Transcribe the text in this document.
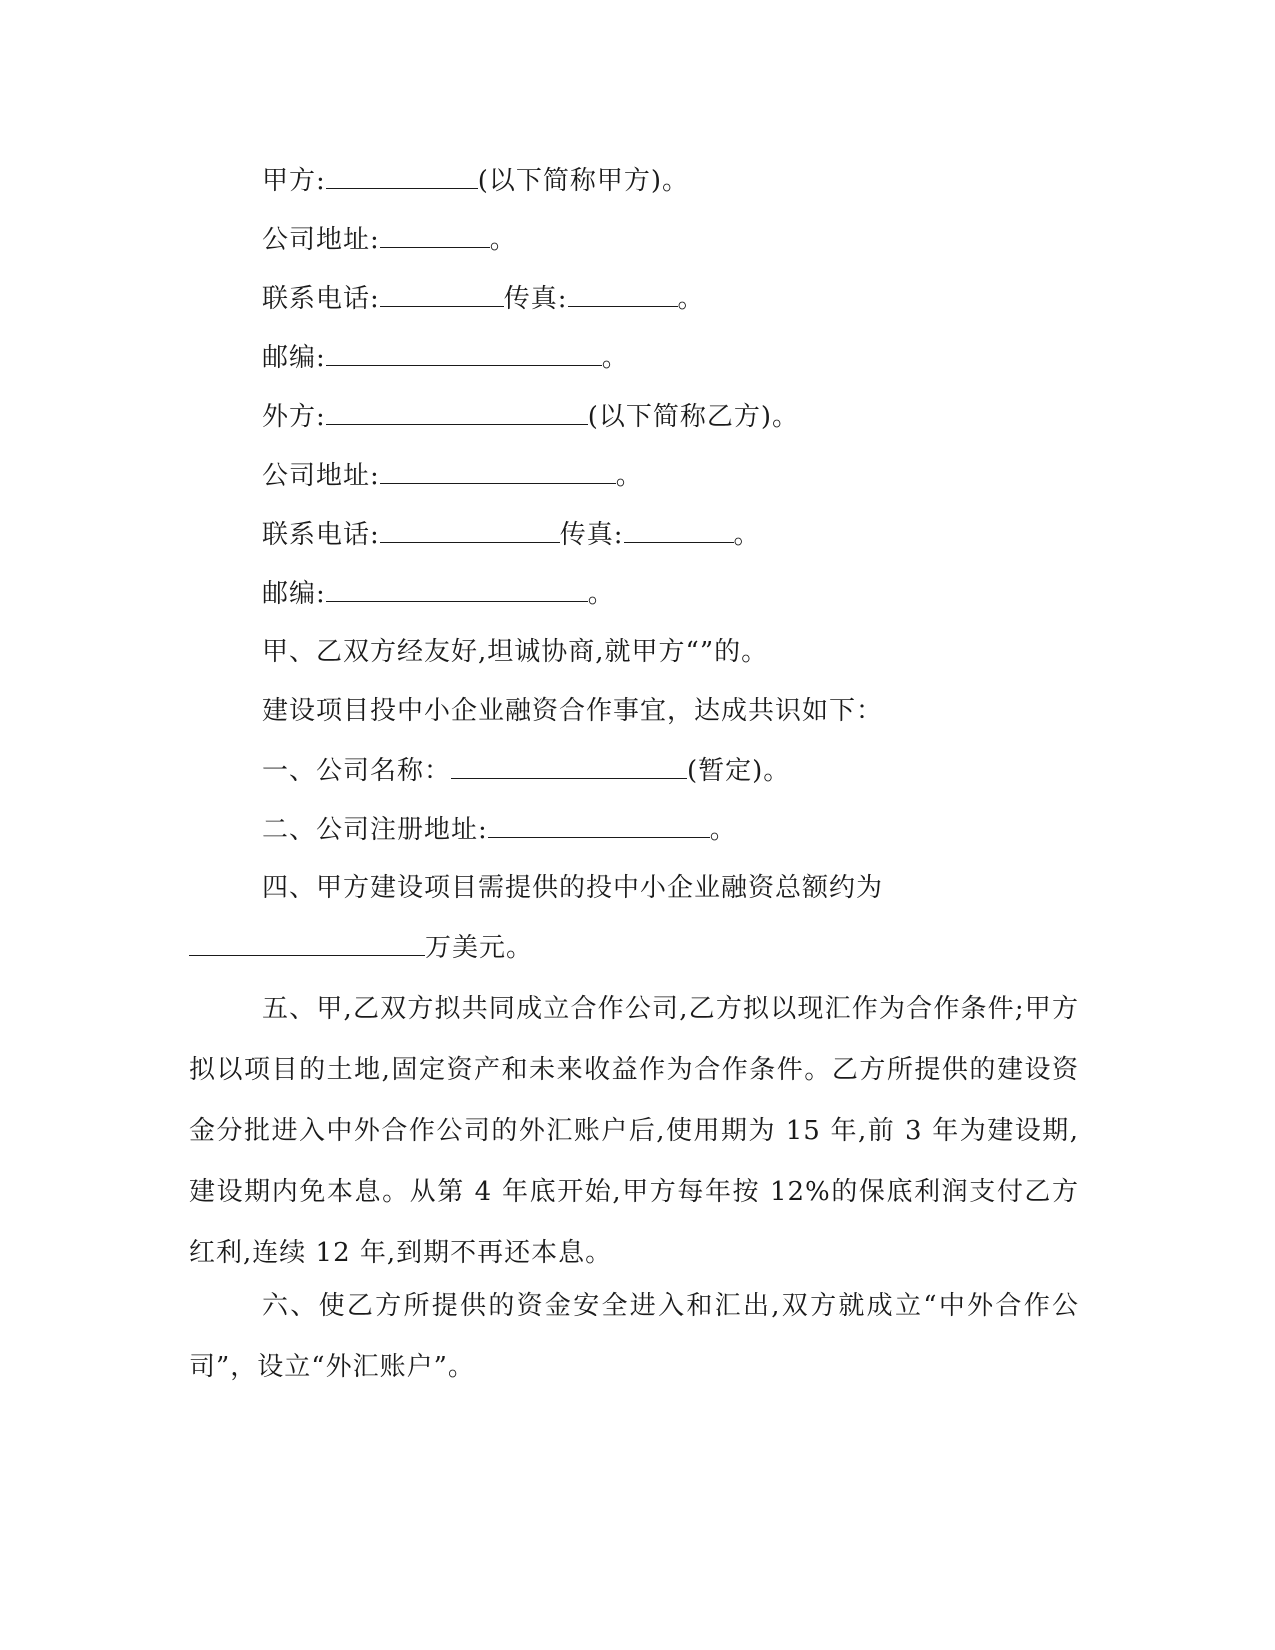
甲方:	(以下简称甲方)。
公司地址:	。
联系电话:	传真:	。
邮编:	。
外方:	(以下简称乙方)。
公司地址:	。
联系电话:	传真:	。
邮编:	。
甲、乙双方经友好,坦诚协商,就甲方“”的。
建设项目投中小企业融资合作事宜，达成共识如下：
一、公司名称：	(暂定)。
二、公司注册地址:	。
四、甲方建设项目需提供的投中小企业融资总额约为
万美元。
五、甲,乙双方拟共同成立合作公司,乙方拟以现汇作为合作条件;甲方拟以项目的土地,固定资产和未来收益作为合作条件。乙方所提供的建设资金分批进入中外合作公司的外汇账户后,使用期为 15 年,前 3 年为建设期,建设期内免本息。从第 4 年底开始,甲方每年按 12%的保底利润支付乙方红利,连续 12 年,到期不再还本息。
六、使乙方所提供的资金安全进入和汇出,双方就成立“中外合作公司”，设立“外汇账户”。
